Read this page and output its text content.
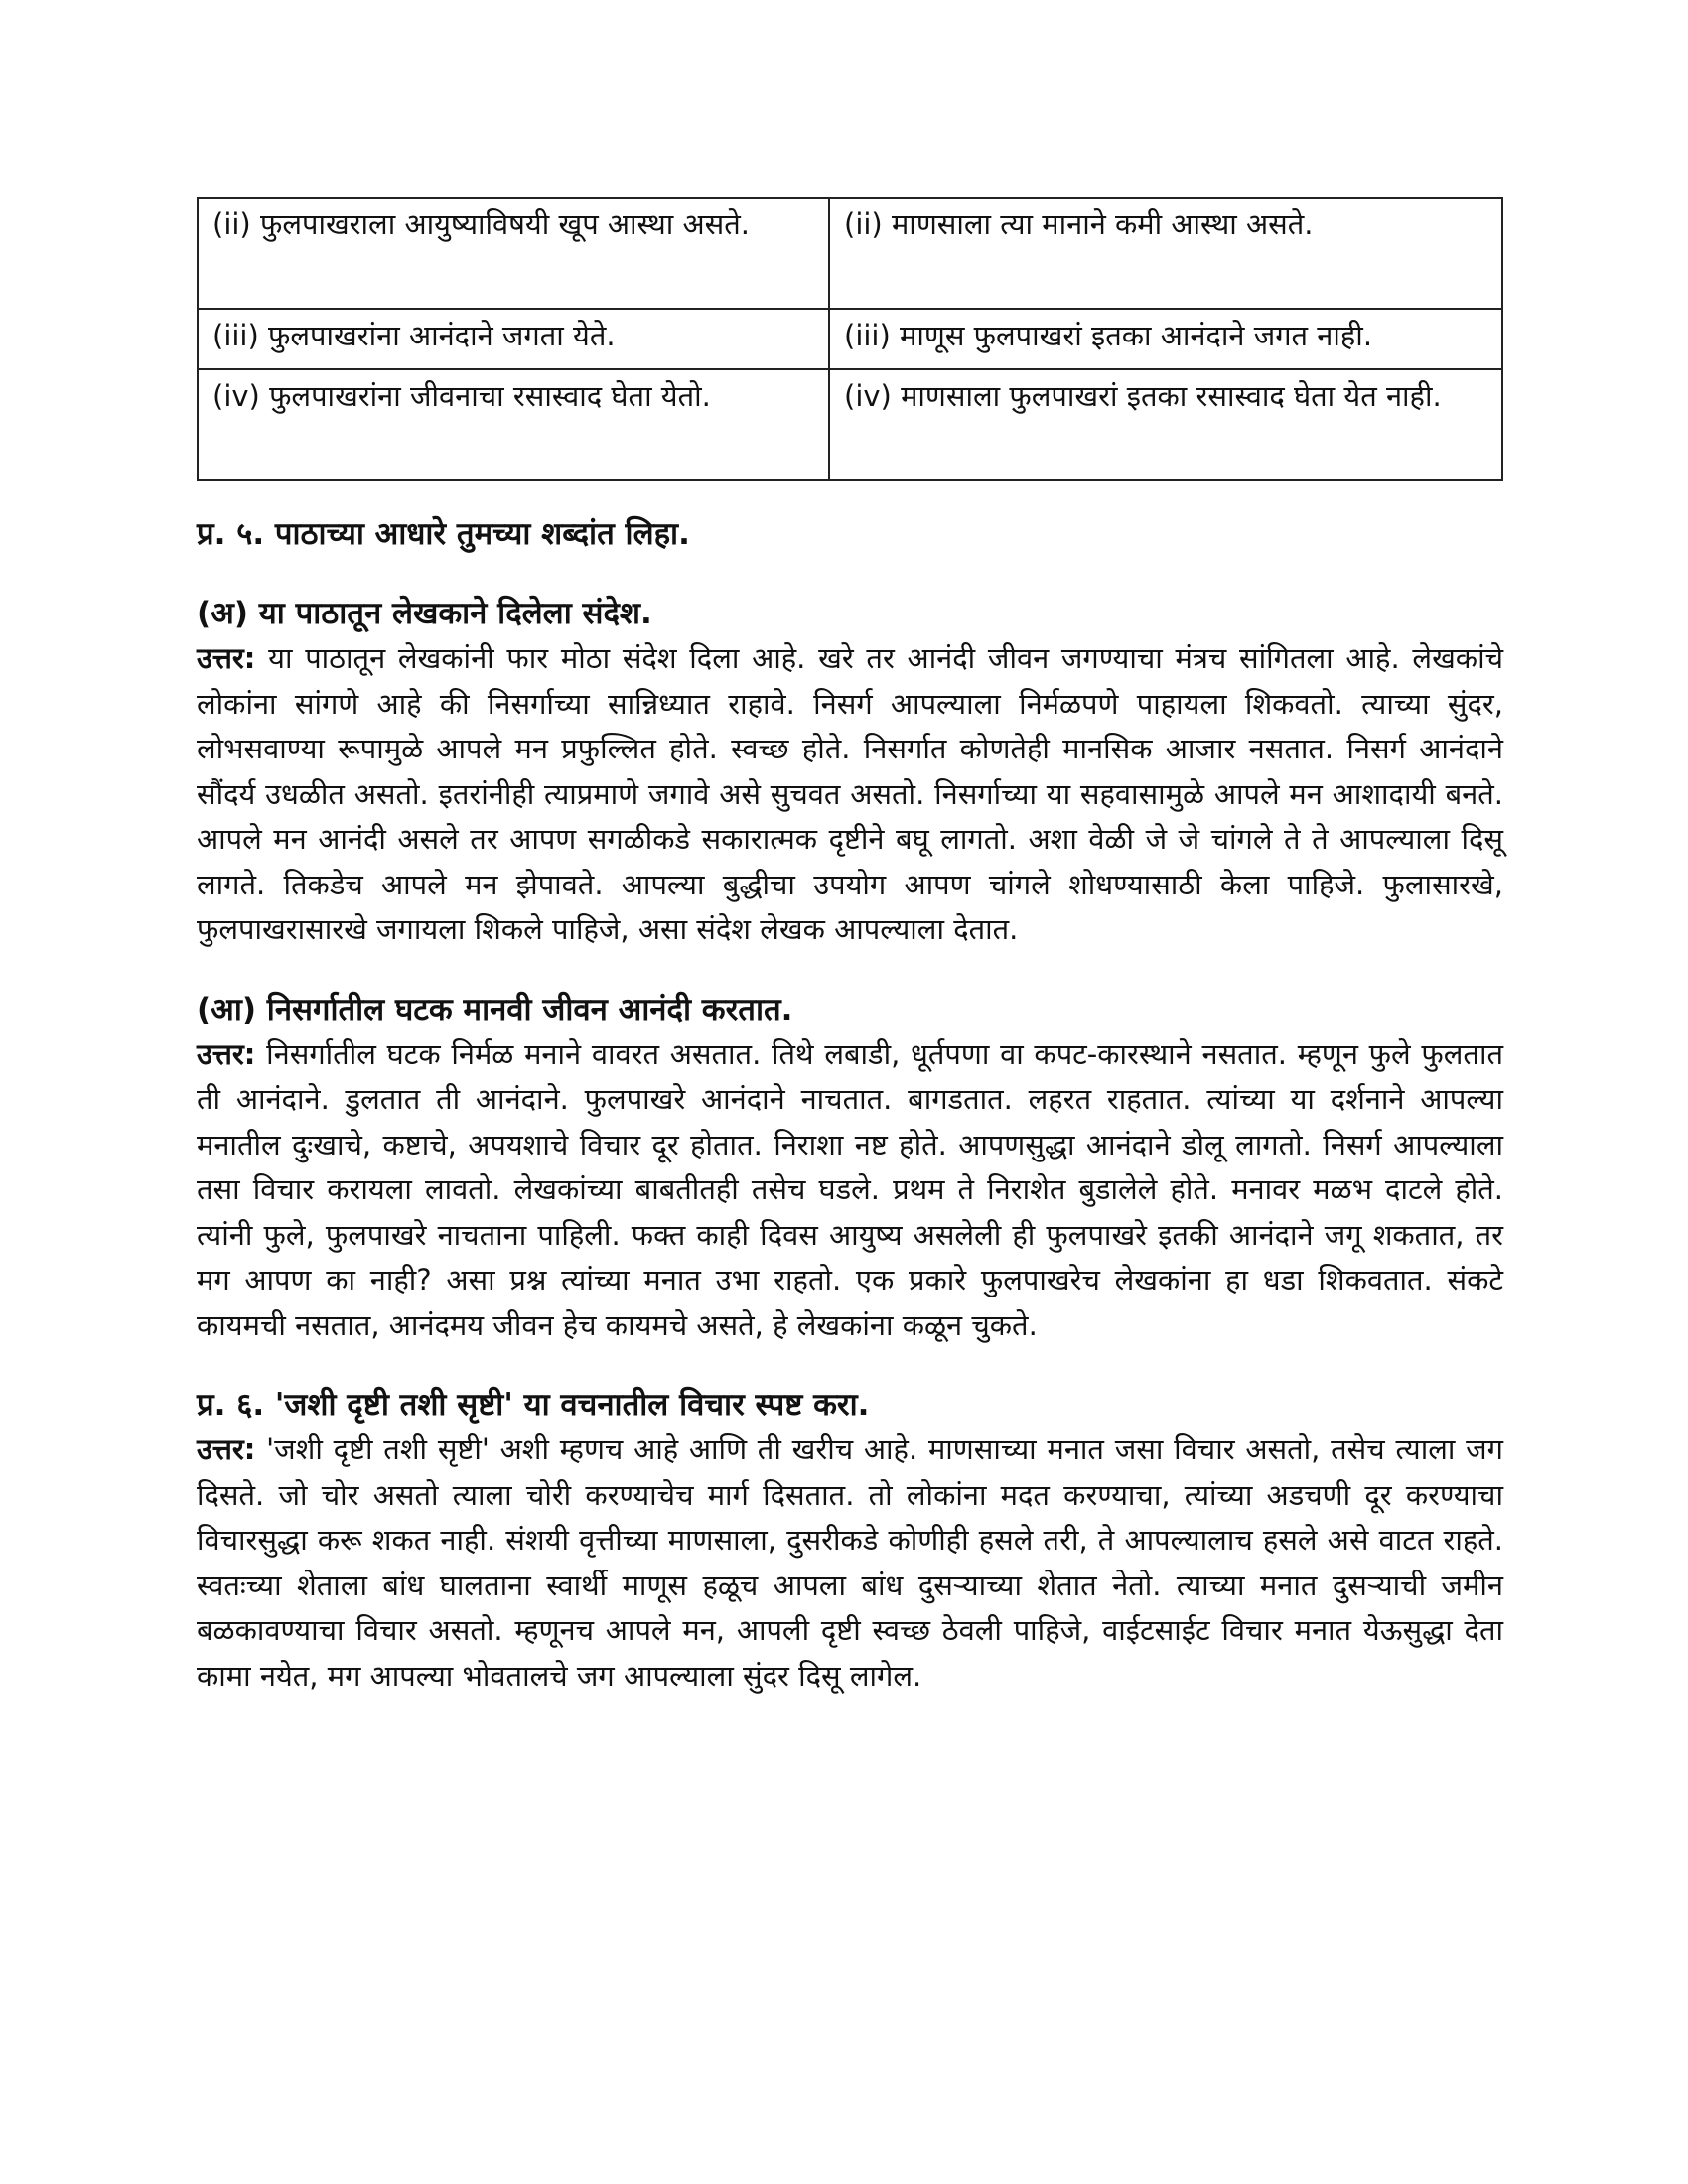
(ii) फुलपाखराला आयुष्याविषयी खूप आस्था असते.	(ii) माणसाला त्या मानाने कमी आस्था असते.
(iii) फुलपाखरांना आनंदाने जगता येते.	(iii) माणूस फुलपाखरां इतका आनंदाने जगत नाही.
(iv) फुलपाखरांना जीवनाचा रसास्वाद घेता येतो.	(iv) माणसाला फुलपाखरां इतका रसास्वाद घेता येत नाही.
प्र. ५. पाठाच्या आधारे तुमच्या शब्दांत लिहा.
(अ) या पाठातून लेखकाने दिलेला संदेश.
उत्तर: या पाठातून लेखकांनी फार मोठा संदेश दिला आहे. खरे तर आनंदी जीवन जगण्याचा मंत्रच सांगितला आहे. लेखकांचे लोकांना सांगणे आहे की निसर्गाच्या सान्निध्यात राहावे. निसर्ग आपल्याला निर्मळपणे पाहायला शिकवतो. त्याच्या सुंदर, लोभसवाण्या रूपामुळे आपले मन प्रफुल्लित होते. स्वच्छ होते. निसर्गात कोणतेही मानसिक आजार नसतात. निसर्ग आनंदाने सौंदर्य उधळीत असतो. इतरांनीही त्याप्रमाणे जगावे असे सुचवत असतो. निसर्गाच्या या सहवासामुळे आपले मन आशादायी बनते. आपले मन आनंदी असले तर आपण सगळीकडे सकारात्मक दृष्टीने बघू लागतो. अशा वेळी जे जे चांगले ते ते आपल्याला दिसू लागते. तिकडेच आपले मन झेपावते. आपल्या बुद्धीचा उपयोग आपण चांगले शोधण्यासाठी केला पाहिजे. फुलासारखे, फुलपाखरासारखे जगायला शिकले पाहिजे, असा संदेश लेखक आपल्याला देतात.
(आ) निसर्गातील घटक मानवी जीवन आनंदी करतात.
उत्तर: निसर्गातील घटक निर्मळ मनाने वावरत असतात. तिथे लबाडी, धूर्तपणा वा कपट-कारस्थाने नसतात. म्हणून फुले फुलतात ती आनंदाने. डुलतात ती आनंदाने. फुलपाखरे आनंदाने नाचतात. बागडतात. लहरत राहतात. त्यांच्या या दर्शनाने आपल्या मनातील दुःखाचे, कष्टाचे, अपयशाचे विचार दूर होतात. निराशा नष्ट होते. आपणसुद्धा आनंदाने डोलू लागतो. निसर्ग आपल्याला तसा विचार करायला लावतो. लेखकांच्या बाबतीतही तसेच घडले. प्रथम ते निराशेत बुडालेले होते. मनावर मळभ दाटले होते. त्यांनी फुले, फुलपाखरे नाचताना पाहिली. फक्त काही दिवस आयुष्य असलेली ही फुलपाखरे इतकी आनंदाने जगू शकतात, तर मग आपण का नाही? असा प्रश्न त्यांच्या मनात उभा राहतो. एक प्रकारे फुलपाखरेच लेखकांना हा धडा शिकवतात. संकटे कायमची नसतात, आनंदमय जीवन हेच कायमचे असते, हे लेखकांना कळून चुकते.
प्र. ६. 'जशी दृष्टी तशी सृष्टी' या वचनातील विचार स्पष्ट करा.
उत्तर: 'जशी दृष्टी तशी सृष्टी' अशी म्हणच आहे आणि ती खरीच आहे. माणसाच्या मनात जसा विचार असतो, तसेच त्याला जग दिसते. जो चोर असतो त्याला चोरी करण्याचेच मार्ग दिसतात. तो लोकांना मदत करण्याचा, त्यांच्या अडचणी दूर करण्याचा विचारसुद्धा करू शकत नाही. संशयी वृत्तीच्या माणसाला, दुसरीकडे कोणीही हसले तरी, ते आपल्यालाच हसले असे वाटत राहते. स्वतःच्या शेताला बांध घालताना स्वार्थी माणूस हळूच आपला बांध दुसऱ्याच्या शेतात नेतो. त्याच्या मनात दुसऱ्याची जमीन बळकावण्याचा विचार असतो. म्हणूनच आपले मन, आपली दृष्टी स्वच्छ ठेवली पाहिजे, वाईटसाईट विचार मनात येऊसुद्धा देता कामा नयेत, मग आपल्या भोवतालचे जग आपल्याला सुंदर दिसू लागेल.
